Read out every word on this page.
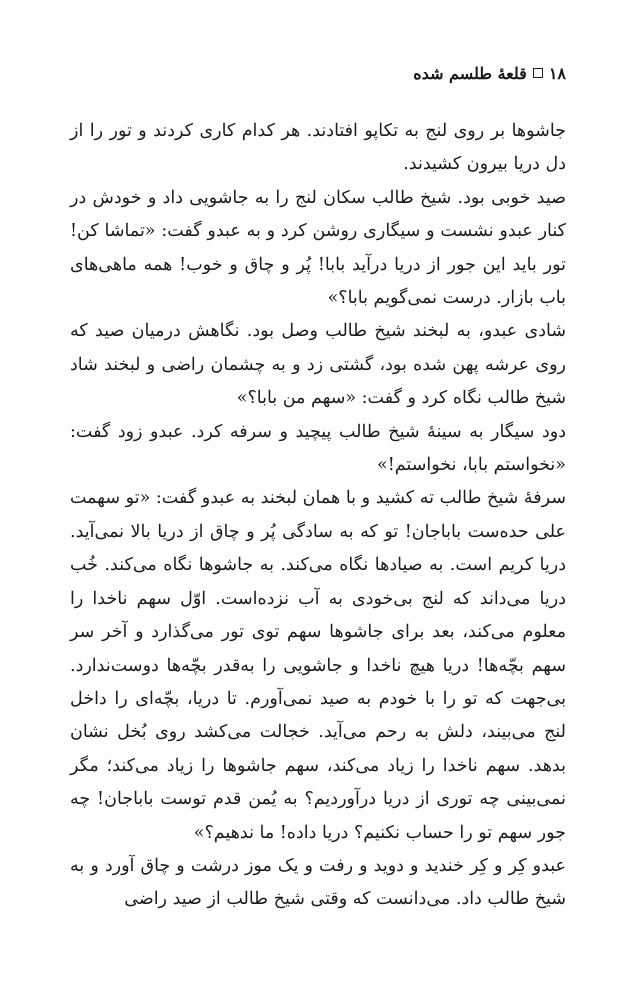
۱۸
قلعهٔ طلسم شده

جاشوها بر روی لنج به تکاپو افتادند. هر کدام کاری کردند و تور را از دل دریا بیرون کشیدند.

صید خوبی بود. شیخ طالب سکان لنج را به جاشویی داد و خودش در کنار عبدو نشست و سیگاری روشن کرد و به عبدو گفت: «تماشا کن! تور باید این جور از دریا درآید بابا! پُر و چاق و خوب! همه ماهی‌های باب بازار. درست نمی‌گویم بابا؟»

شادی عبدو، به لبخند شیخ طالب وصل بود. نگاهش درمیان صید که روی عرشه پهن شده بود، گشتی زد و به چشمان راضی و لبخند شاد شیخ طالب نگاه کرد و گفت: «سهم من بابا؟»

دود سیگار به سینهٔ شیخ طالب پیچید و سرفه کرد. عبدو زود گفت: «نخواستم بابا، نخواستم!»

سرفهٔ شیخ طالب ته کشید و با همان لبخند به عبدو گفت: «تو سهمت علی حده‌ست باباجان! تو که به سادگی پُر و چاق از دریا بالا نمی‌آید. دریا کریم است. به صیادها نگاه می‌کند. به جاشوها نگاه می‌کند. خُب دریا می‌داند که لنج بی‌خودی به آب نزده‌است. اوّل سهم ناخدا را معلوم می‌کند، بعد برای جاشوها سهم توی تور می‌گذارد و آخر سر سهم بچّه‌ها! دریا هیچ ناخدا و جاشویی را به‌قدر بچّه‌ها دوست‌ندارد. بی‌جهت که تو را با خودم به صید نمی‌آورم. تا دریا، بچّه‌ای را داخل لنج می‌بیند، دلش به رحم می‌آید. خجالت می‌کشد روی بُخل نشان بدهد. سهم ناخدا را زیاد می‌کند، سهم جاشوها را زیاد می‌کند؛ مگر نمی‌بینی چه توری از دریا درآوردیم؟ به یُمن قدم توست باباجان! چه جور سهم تو را حساب نکنیم؟ دریا داده! ما ندهیم؟»

عبدو کِر و کِر خندید و دوید و رفت و یک موز درشت و چاق آورد و به شیخ طالب داد. می‌دانست که وقتی شیخ طالب از صید راضی
